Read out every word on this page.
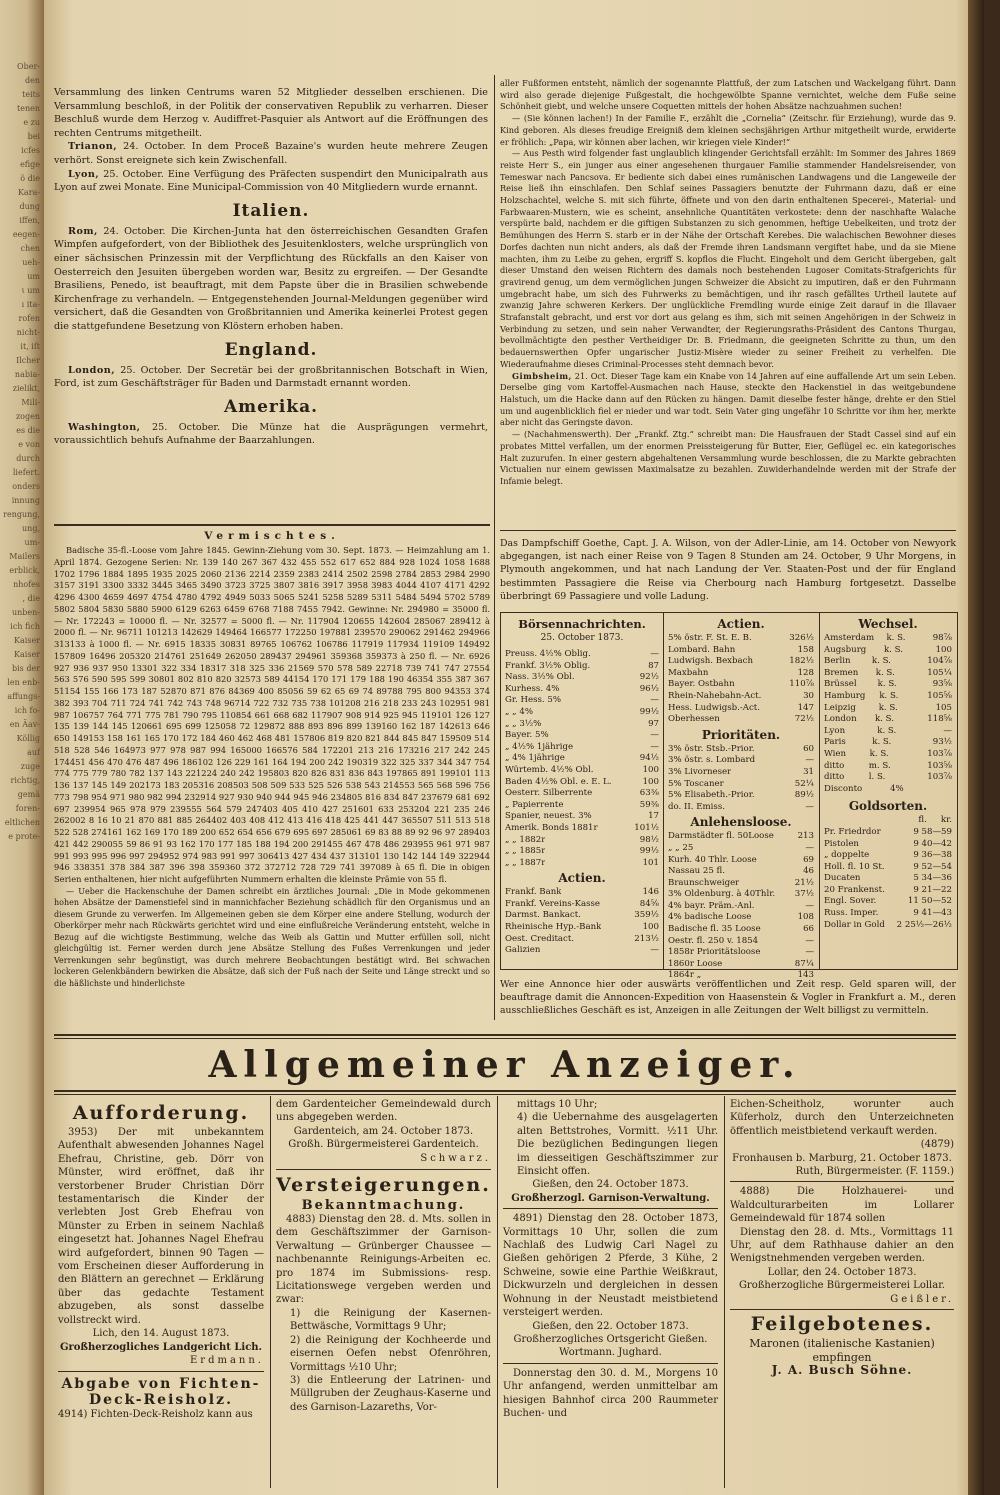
Ober-
den
teits
tenen
e zu
bei
icfes
efige
ö die
Kara-
dung
iffen,
eegen-
chen
ueh-
um
ι um
ı ita-
rofen
nicht-
it, iſt
Ilcher
nabia-
zielikt,
Mili-
zogen
es die
e von
durch
liefert.
onders
innung
rengung,
ung,
um-
Mailers
erblick,
nhofes
, die
unben-
ich fich
Kaiser
Kaiser
bis der
len enb-
affungs-
ich fo-
en Äav-
Köllig
auf
zuge
richtig,
gemä
foren-
eltlichen
e prote-
Versammlung des linken Centrums waren 52 Mitglieder desselben erschienen. Die Versammlung beschloß, in der Politik der conservativen Republik zu verharren. Dieser Beschluß wurde dem Herzog v. Audiffret-Pasquier als Antwort auf die Eröffnungen des rechten Centrums mitgetheilt.
Trianon, 24. October. In dem Proceß Bazaine's wurden heute mehrere Zeugen verhört. Sonst ereignete sich kein Zwischenfall.
Lyon, 25. October. Eine Verfügung des Präfecten suspendirt den Municipalrath aus Lyon auf zwei Monate. Eine Municipal-Commission von 40 Mitgliedern wurde ernannt.
Italien.
Rom, 24. October. Die Kirchen-Junta hat den österreichischen Gesandten Grafen Wimpfen aufgefordert, von der Bibliothek des Jesuitenklosters, welche ursprünglich von einer sächsischen Prinzessin mit der Verpflichtung des Rückfalls an den Kaiser von Oesterreich den Jesuiten übergeben worden war, Besitz zu ergreifen. — Der Gesandte Brasiliens, Penedo, ist beauftragt, mit dem Papste über die in Brasilien schwebende Kirchenfrage zu verhandeln. — Entgegenstehenden Journal-Meldungen gegenüber wird versichert, daß die Gesandten von Großbritannien und Amerika keinerlei Protest gegen die stattgefundene Besetzung von Klöstern erhoben haben.
England.
London, 25. October. Der Secretär bei der großbritannischen Botschaft in Wien, Ford, ist zum Geschäftsträger für Baden und Darmstadt ernannt worden.
Amerika.
Washington, 25. October. Die Münze hat die Ausprägungen vermehrt, voraussichtlich behufs Aufnahme der Baarzahlungen.
aller Fußformen entsteht, nämlich der sogenannte Plattfuß, der zum Latschen und Wackelgang führt. Dann wird also gerade diejenige Fußgestalt, die hochgewölbte Spanne vernichtet, welche dem Fuße seine Schönheit giebt, und welche unsere Coquetten mittels der hohen Absätze nachzuahmen suchen!
— (Sie können lachen!) In der Familie F., erzählt die „Cornelia“ (Zeitschr. für Erziehung), wurde das 9. Kind geboren. Als dieses freudige Ereigniß dem kleinen sechsjährigen Arthur mitgetheilt wurde, erwiderte er fröhlich: „Papa, wir können aber lachen, wir kriegen viele Kinder!“
— Aus Pesth wird folgender fast unglaublich klingender Gerichtsfall erzählt: Im Sommer des Jahres 1869 reiste Herr S., ein junger aus einer angesehenen thurgauer Familie stammender Handelsreisender, von Temeswar nach Pancsova. Er bediente sich dabei eines rumänischen Landwagens und die Langeweile der Reise ließ ihn einschlafen. Den Schlaf seines Passagiers benutzte der Fuhrmann dazu, daß er eine Holzschachtel, welche S. mit sich führte, öffnete und von den darin enthaltenen Specerei-, Material- und Farbwaaren-Mustern, wie es scheint, ansehnliche Quantitäten verkostete: denn der naschhafte Walache verspürte bald, nachdem er die giftigen Substanzen zu sich genommen, heftige Uebelkeiten, und trotz der Bemühungen des Herrn S. starb er in der Nähe der Ortschaft Kerebes. Die walachischen Bewohner dieses Dorfes dachten nun nicht anders, als daß der Fremde ihren Landsmann vergiftet habe, und da sie Miene machten, ihm zu Leibe zu gehen, ergriff S. kopflos die Flucht. Eingeholt und dem Gericht übergeben, galt dieser Umstand den weisen Richtern des damals noch bestehenden Lugoser Comitats-Strafgerichts für gravirend genug, um dem vermöglichen jungen Schweizer die Absicht zu imputiren, daß er den Fuhrmann umgebracht habe, um sich des Fuhrwerks zu bemächtigen, und ihr rasch gefälltes Urtheil lautete auf zwanzig Jahre schweren Kerkers. Der unglückliche Fremdling wurde einige Zeit darauf in die Illavaer Strafanstalt gebracht, und erst vor dort aus gelang es ihm, sich mit seinen Angehörigen in der Schweiz in Verbindung zu setzen, und sein naher Verwandter, der Regierungsraths-Präsident des Cantons Thurgau, bevollmächtigte den pesther Vertheidiger Dr. B. Friedmann, die geeigneten Schritte zu thun, um den bedauernswerthen Opfer ungarischer Justiz-Misère wieder zu seiner Freiheit zu verhelfen. Die Wiederaufnahme dieses Criminal-Processes steht demnach bevor.
Gimbsheim, 21. Oct. Dieser Tage kam ein Knabe von 14 Jahren auf eine auffallende Art um sein Leben. Derselbe ging vom Kartoffel-Ausmachen nach Hause, steckte den Hackenstiel in das weitgebundene Halstuch, um die Hacke dann auf den Rücken zu hängen. Damit dieselbe fester hänge, drehte er den Stiel um und augenblicklich fiel er nieder und war todt. Sein Vater ging ungefähr 10 Schritte vor ihm her, merkte aber nicht das Geringste davon.
— (Nachahmenswerth). Der „Frankf. Ztg.“ schreibt man: Die Hausfrauen der Stadt Cassel sind auf ein probates Mittel verfallen, um der enormen Preissteigerung für Butter, Eier, Geflügel ec. ein kategorisches Halt zuzurufen. In einer gestern abgehaltenen Versammlung wurde beschlossen, die zu Markte gebrachten Victualien nur einem gewissen Maximalsatze zu bezahlen. Zuwiderhandelnde werden mit der Strafe der Infamie belegt.
Vermischtes.
Badische 35-fl.-Loose vom Jahre 1845. Gewinn-Ziehung vom 30. Sept. 1873. — Heimzahlung am 1. April 1874. Gezogene Serien: Nr. 139 140 267 367 432 455 552 617 652 884 928 1024 1058 1688 1702 1796 1884 1895 1935 2025 2060 2136 2214 2359 2383 2414 2502 2598 2784 2853 2984 2990 3157 3191 3300 3332 3445 3465 3490 3723 3725 3807 3816 3917 3958 3983 4044 4107 4171 4292 4296 4300 4659 4697 4754 4780 4792 4949 5033 5065 5241 5258 5289 5311 5484 5494 5702 5789 5802 5804 5830 5880 5900 6129 6263 6459 6768 7188 7455 7942. Gewinne: Nr. 294980 = 35000 fl. — Nr. 172243 = 10000 fl. — Nr. 32577 = 5000 fl. — Nr. 117904 120655 142604 285067 289412 à 2000 fl. — Nr. 96711 101213 142629 149464 166577 172250 197881 239570 290062 291462 294966 313133 à 1000 fl. — Nr. 6915 18335 30831 89765 106762 106786 117919 117934 119109 149492 157809 16496 205320 214761 251649 262050 289437 294961 359368 359373 à 250 fl. — Nr. 6926 927 936 937 950 13301 322 334 18317 318 325 336 21569 570 578 589 22718 739 741 747 27554 563 576 590 595 599 30801 802 810 820 32573 589 44154 170 171 179 188 190 46354 355 387 367 51154 155 166 173 187 52870 871 876 84369 400 85056 59 62 65 69 74 89788 795 800 94353 374 382 393 704 711 724 741 742 743 748 96714 722 732 735 738 101208 216 218 233 243 102951 981 987 106757 764 771 775 781 790 795 110854 661 668 682 117907 908 914 925 945 119101 126 127 135 139 144 145 120661 695 699 125058 72 129872 888 893 896 899 139160 162 187 142613 646 650 149153 158 161 165 170 172 184 460 462 468 481 157806 819 820 821 844 845 847 159509 514 518 528 546 164973 977 978 987 994 165000 166576 584 172201 213 216 173216 217 242 245 174451 456 470 476 487 496 186102 126 229 161 164 194 200 242 190319 322 325 337 344 347 754 774 775 779 780 782 137 143 221224 240 242 195803 820 826 831 836 843 197865 891 199101 113 136 137 145 149 202173 183 205316 208503 508 509 533 525 526 538 543 214553 565 568 596 756 773 798 954 971 980 982 994 232914 927 930 940 944 945 946 234805 816 834 847 237679 681 692 697 239954 965 978 979 239555 564 579 247403 405 410 427 251601 633 253204 221 235 246 262002 8 16 10 21 870 881 885 264402 403 408 412 413 416 418 425 441 447 365507 511 513 518 522 528 274161 162 169 170 189 200 652 654 656 679 695 697 285061 69 83 88 89 92 96 97 289403 421 442 290055 59 86 91 93 162 170 177 185 188 194 200 291455 467 478 486 293955 961 971 987 991 993 995 996 997 294952 974 983 991 997 306413 427 434 437 313101 130 142 144 149 322944 946 338351 378 384 387 396 398 359360 372 372712 728 729 741 397089 à 65 fl. Die in obigen Serien enthaltenen, hier nicht aufgeführten Nummern erhalten die kleinste Prämie von 55 fl.
— Ueber die Hackenschuhe der Damen schreibt ein ärztliches Journal: „Die in Mode gekommenen hohen Absätze der Damenstiefel sind in mannichfacher Beziehung schädlich für den Organismus und an diesem Grunde zu verwerfen. Im Allgemeinen geben sie dem Körper eine andere Stellung, wodurch der Oberkörper mehr nach Rückwärts gerichtet wird und eine einflußreiche Veränderung entsteht, welche in Bezug auf die wichtigste Bestimmung, welche das Weib als Gattin und Mutter erfüllen soll, nicht gleichgültig ist. Ferner werden durch jene Absätze Stellung des Fußes Verrenkungen und jeder Verrenkungen sehr begünstigt, was durch mehrere Beobachtungen bestätigt wird. Bei schwachen lockeren Gelenkbändern bewirken die Absätze, daß sich der Fuß nach der Seite und Länge streckt und so die häßlichste und hinderlichste
Das Dampfschiff Goethe, Capt. J. A. Wilson, von der Adler-Linie, am 14. October von Newyork abgegangen, ist nach einer Reise von 9 Tagen 8 Stunden am 24. October, 9 Uhr Morgens, in Plymouth angekommen, und hat nach Landung der Ver. Staaten-Post und der für England bestimmten Passagiere die Reise via Cherbourg nach Hamburg fortgesetzt. Dasselbe überbringt 69 Passagiere und volle Ladung.
Börsennachrichten.
25. October 1873.
Preuss. 4½% Oblig.	—
Frankf. 3½% Oblig.	87
Nass. 3½% Obl.	92½
Kurhess. 4%	96½
Gr. Hess. 5%	—
„ „ 4%	99½
„ „ 3½%	97
Bayer. 5%	—
„ 4½% 1jährige	—
„ 4% 1jährige	94½
Würtemb. 4½% Obl.	100
Baden 4½% Obl. e. E. L.	100
Oesterr. Silberrente	63⅜
„ Papierrente	59⅜
Spanier, neuest. 3%	17
Amerik. Bonds 1881r	101½
„ „ 1882r	98½
„ „ 1885r	99½
„ „ 1887r	101
Actien.
Frankf. Bank	146
Frankf. Vereins-Kasse	84⅝
Darmst. Bankact.	359½
Rheinische Hyp.-Bank	100
Oest. Creditact.	213½
Galizien	—
Actien.
5% östr. F. St. E. B.	326½
Lombard. Bahn	158
Ludwigsh. Bexbach	182½
Maxbahn	128
Bayer. Ostbahn	110⅞
Rhein-Nahebahn-Act.	30
Hess. Ludwigsb.-Act.	147
Oberhessen	72½
Prioritäten.
3% östr. Stsb.-Prior.	60
3% östr. s. Lombard	—
3% Livorneser	31
5% Toscaner	52¼
5% Elisabeth.-Prior.	89½
do. II. Emiss.	—
Anlehensloose.
Darmstädter fl. 50Loose	213
„ „ 25	—
Kurh. 40 Thlr. Loose	69
Nassau 25 fl.	46
Braunschweiger	21½
3% Oldenburg. à 40Thlr. 37½
4% bayr. Präm.-Anl.	—
4% badische Loose	108
Badische fl. 35 Loose	66
Oestr. fl. 250 v. 1854	—
1858r Prioritätsloose	—
1860r Loose	87¼
1864r „	143
Wechsel.
Amsterdam k. S.	98⅞
Augsburg k. S.	100
Berlin k. S.	104⅞
Bremen k. S.	105¼
Brüssel k. S.	93⅝
Hamburg k. S.	105⅝
Leipzig	k. S.	105
London k. S.	118⅝
Lyon	k. S.	—
Paris	k. S.	93½
Wien	k. S.	103⅞
ditto	m. S.	103⅝
ditto	l. S.	103⅞
Disconto	4%
Goldsorten.
fl. kr.
Pr. Friedrdor	9 58—59
Pistolen	9 40—42
„ doppelte	9 36—38
Holl. fl. 10 St.	9 52—54
Ducaten	5 34—36
20 Frankenst.	9 21—22
Engl. Sover.	11 50—52
Russ. Imper.	9 41—43
Dollar in Gold 2 25½—26½
Wer eine Annonce hier oder auswärts veröffentlichen und Zeit resp. Geld sparen will, der beauftrage damit die Annoncen-Expedition von Haasenstein & Vogler in Frankfurt a. M., deren ausschließliches Geschäft es ist, Anzeigen in alle Zeitungen der Welt billigst zu vermitteln.
Allgemeiner Anzeiger.
Aufforderung.
3953) Der mit unbekanntem Aufenthalt abwesenden Johannes Nagel Ehefrau, Christine, geb. Dörr von Münster, wird eröffnet, daß ihr verstorbener Bruder Christian Dörr testamentarisch die Kinder der verlebten Jost Greb Ehefrau von Münster zu Erben in seinem Nachlaß eingesetzt hat. Johannes Nagel Ehefrau wird aufgefordert, binnen 90 Tagen — vom Erscheinen dieser Aufforderung in den Blättern an gerechnet — Erklärung über das gedachte Testament abzugeben, als sonst dasselbe vollstreckt wird.
Lich, den 14. August 1873.
Großherzogliches Landgericht Lich.
Erdmann.
Abgabe von Fichten-Deck-Reisholz.
4914) Fichten-Deck-Reisholz kann aus
dem Gardenteicher Gemeindewald durch uns abgegeben werden.
Gardenteich, am 24. October 1873.
Großh. Bürgermeisterei Gardenteich.
Schwarz.
Versteigerungen.
Bekanntmachung.
4883) Dienstag den 28. d. Mts. sollen in dem Geschäftszimmer der Garnison-Verwaltung — Grünberger Chaussee — nachbenannte Reinigungs-Arbeiten ec. pro 1874 im Submissions- resp. Licitationswege vergeben werden und zwar:
1) die Reinigung der Kasernen-Bettwäsche, Vormittags 9 Uhr;
2) die Reinigung der Kochheerde und eisernen Oefen nebst Ofenröhren, Vormittags ½10 Uhr;
3) die Entleerung der Latrinen- und Müllgruben der Zeughaus-Kaserne und des Garnison-Lazareths, Vor-
mittags 10 Uhr;
4) die Uebernahme des ausgelagerten alten Bettstrohes, Vormitt. ½11 Uhr. Die bezüglichen Bedingungen liegen im diesseitigen Geschäftszimmer zur Einsicht offen.
Gießen, den 24. October 1873.
Großherzogl. Garnison-Verwaltung.
4891) Dienstag den 28. October 1873, Vormittags 10 Uhr, sollen die zum Nachlaß des Ludwig Carl Nagel zu Gießen gehörigen 2 Pferde, 3 Kühe, 2 Schweine, sowie eine Parthie Weißkraut, Dickwurzeln und dergleichen in dessen Wohnung in der Neustadt meistbietend versteigert werden.
Gießen, den 22. October 1873.
Großherzogliches Ortsgericht Gießen.
Wortmann. Jughard.
Donnerstag den 30. d. M., Morgens 10 Uhr anfangend, werden unmittelbar am hiesigen Bahnhof circa 200 Raummeter Buchen- und
Eichen-Scheitholz, worunter auch Küferholz, durch den Unterzeichneten öffentlich meistbietend verkauft werden.
(4879)
Fronhausen b. Marburg, 21. October 1873.
Ruth, Bürgermeister. (F. 1159.)
4888) Die Holzhauerei- und Waldculturarbeiten im Lollarer Gemeindewald für 1874 sollen
Dienstag den 28. d. Mts., Vormittags 11 Uhr, auf dem Rathhause dahier an den Wenigstnehmenden vergeben werden.
Lollar, den 24. October 1873.
Großherzogliche Bürgermeisterei Lollar.
Geißler.
Feilgebotenes.
Maronen (italienische Kastanien) empfingen
J. A. Busch Söhne.
